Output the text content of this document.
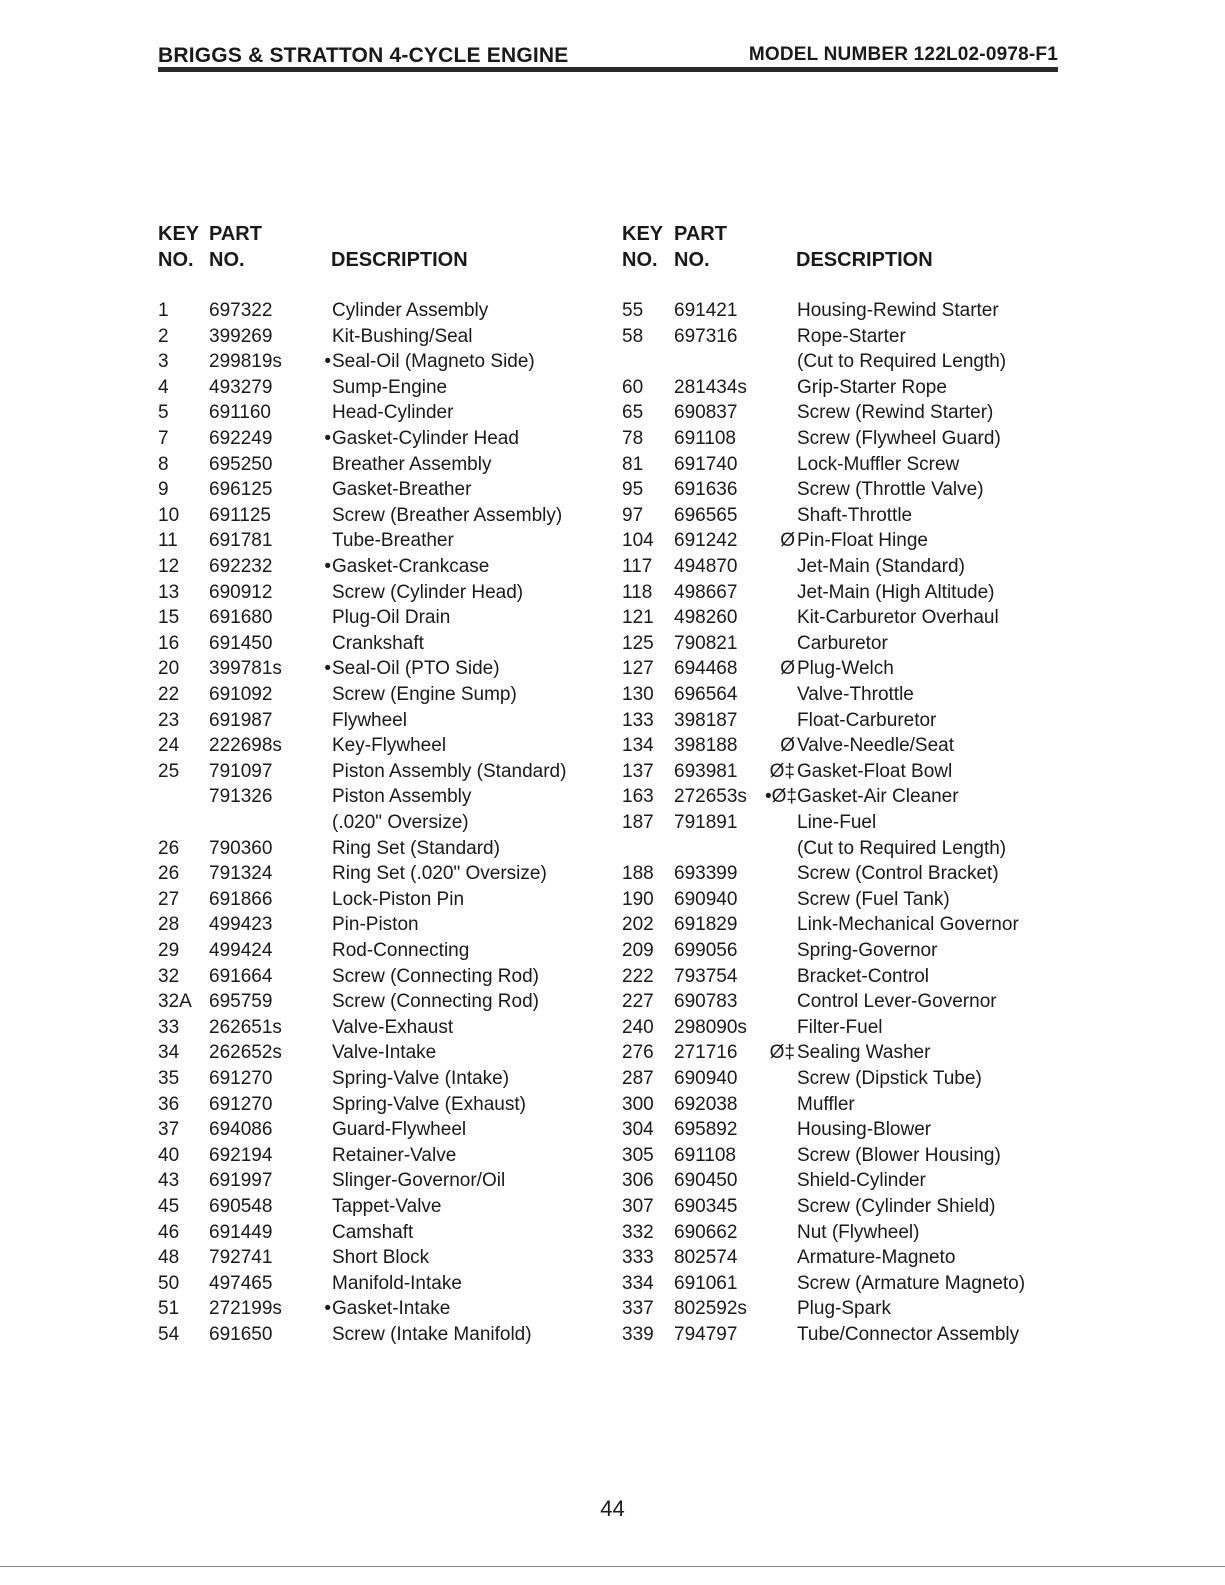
BRIGGS & STRATTON 4-CYCLE ENGINE	MODEL NUMBER 122L02-0978-F1
KEY
NO.
PART
NO.	DESCRIPTION
1 697322	Cylinder Assembly
2 399269	Kit-Bushing/Seal
3 299819s	• Seal-Oil (Magneto Side)
4 493279	Sump-Engine
5 691160	Head-Cylinder
7 692249	• Gasket-Cylinder Head
8 695250	Breather Assembly
9 696125	Gasket-Breather
10 691125	Screw (Breather Assembly)
11 691781	Tube-Breather
12 692232	• Gasket-Crankcase
13 690912	Screw (Cylinder Head)
15 691680	Plug-Oil Drain
16 691450	Crankshaft
20 399781s	• Seal-Oil (PTO Side)
22 691092	Screw (Engine Sump)
23 691987	Flywheel
24 222698s	Key-Flywheel
25 791097	Piston Assembly (Standard)
791326	Piston Assembly
(.020" Oversize)
26 790360	Ring Set (Standard)
26 791324	Ring Set (.020" Oversize)
27 691866	Lock-Piston Pin
28 499423	Pin-Piston
29 499424	Rod-Connecting
32 691664	Screw (Connecting Rod)
32A 695759	Screw (Connecting Rod)
33 262651s	Valve-Exhaust
34 262652s	Valve-Intake
35 691270	Spring-Valve (Intake)
36 691270	Spring-Valve (Exhaust)
37 694086	Guard-Flywheel
40 692194	Retainer-Valve
43 691997	Slinger-Governor/Oil
45 690548	Tappet-Valve
46 691449	Camshaft
48 792741	Short Block
50 497465	Manifold-Intake
51 272199s	• Gasket-Intake
54 691650	Screw (Intake Manifold)
KEY
NO.
PART
NO.	DESCRIPTION
55 691421	Housing-Rewind Starter
58 697316	Rope-Starter
(Cut to Required Length)
60 281434s	Grip-Starter Rope
65 690837	Screw (Rewind Starter)
78 691108	Screw (Flywheel Guard)
81 691740	Lock-Muffler Screw
95 691636	Screw (Throttle Valve)
97 696565	Shaft-Throttle
104 691242	Ø Pin-Float Hinge
117 494870	Jet-Main (Standard)
118 498667	Jet-Main (High Altitude)
121 498260	Kit-Carburetor Overhaul
125 790821	Carburetor
127 694468	Ø Plug-Welch
130 696564	Valve-Throttle
133 398187	Float-Carburetor
134 398188	Ø Valve-Needle/Seat
137 693981 Ø‡ Gasket-Float Bowl
163 272653s •Ø‡ Gasket-Air Cleaner
187 791891	Line-Fuel
(Cut to Required Length)
188 693399	Screw (Control Bracket)
190 690940	Screw (Fuel Tank)
202 691829	Link-Mechanical Governor
209 699056	Spring-Governor
222 793754	Bracket-Control
227 690783	Control Lever-Governor
240 298090s	Filter-Fuel
276 271716 Ø‡ Sealing Washer
287 690940	Screw (Dipstick Tube)
300 692038	Muffler
304 695892	Housing-Blower
305 691108	Screw (Blower Housing)
306 690450	Shield-Cylinder
307 690345	Screw (Cylinder Shield)
332 690662	Nut (Flywheel)
333 802574	Armature-Magneto
334 691061	Screw (Armature Magneto)
337 802592s	Plug-Spark
339 794797	Tube/Connector Assembly
44
